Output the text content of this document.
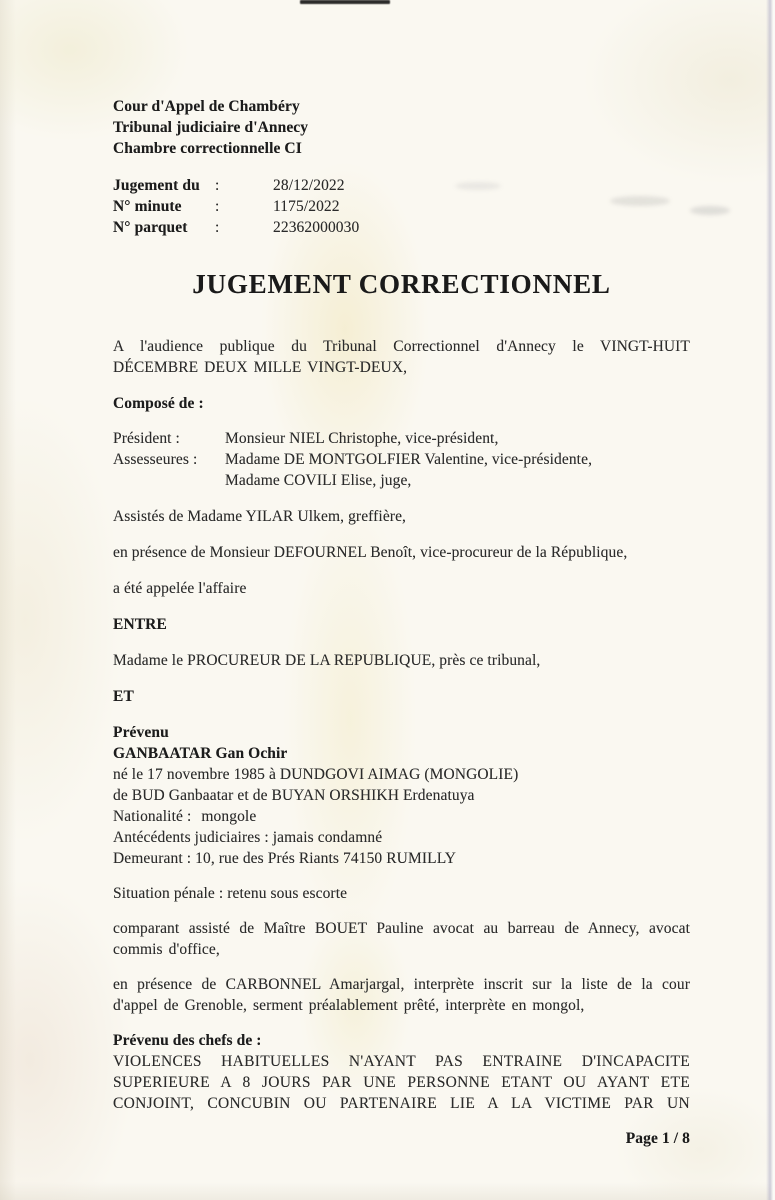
Cour d'Appel de Chambéry
Tribunal judiciaire d'Annecy
Chambre correctionnelle CI
Jugement du :	28/12/2022
N° minute	:	1175/2022
N° parquet	:	22362000030
JUGEMENT CORRECTIONNEL

A l'audience publique du Tribunal Correctionnel d'Annecy le VINGT-HUIT DÉCEMBRE DEUX MILLE VINGT-DEUX,

Composé de :

Président :	Monsieur NIEL Christophe, vice-président,
Assesseures :	Madame DE MONTGOLFIER Valentine, vice-présidente,
Madame COVILI Elise, juge,

Assistés de Madame YILAR Ulkem, greffière,

en présence de Monsieur DEFOURNEL Benoît, vice-procureur de la République,

a été appelée l'affaire

ENTRE

Madame le PROCUREUR DE LA REPUBLIQUE, près ce tribunal,

ET

Prévenu
GANBAATAR Gan Ochir
né le 17 novembre 1985 à DUNDGOVI AIMAG (MONGOLIE)
de BUD Ganbaatar et de BUYAN ORSHIKH Erdenatuya
Nationalité : mongole
Antécédents judiciaires : jamais condamné
Demeurant : 10, rue des Prés Riants 74150 RUMILLY

Situation pénale : retenu sous escorte

comparant assisté de Maître BOUET Pauline avocat au barreau de Annecy, avocat commis d'office,

en présence de CARBONNEL Amarjargal, interprète inscrit sur la liste de la cour d'appel de Grenoble, serment préalablement prêté, interprète en mongol,

Prévenu des chefs de :

VIOLENCES HABITUELLES N'AYANT PAS ENTRAINE D'INCAPACITE SUPERIEURE A 8 JOURS PAR UNE PERSONNE ETANT OU AYANT ETE CONJOINT, CONCUBIN OU PARTENAIRE LIE A LA VICTIME PAR UN

Page 1 / 8
